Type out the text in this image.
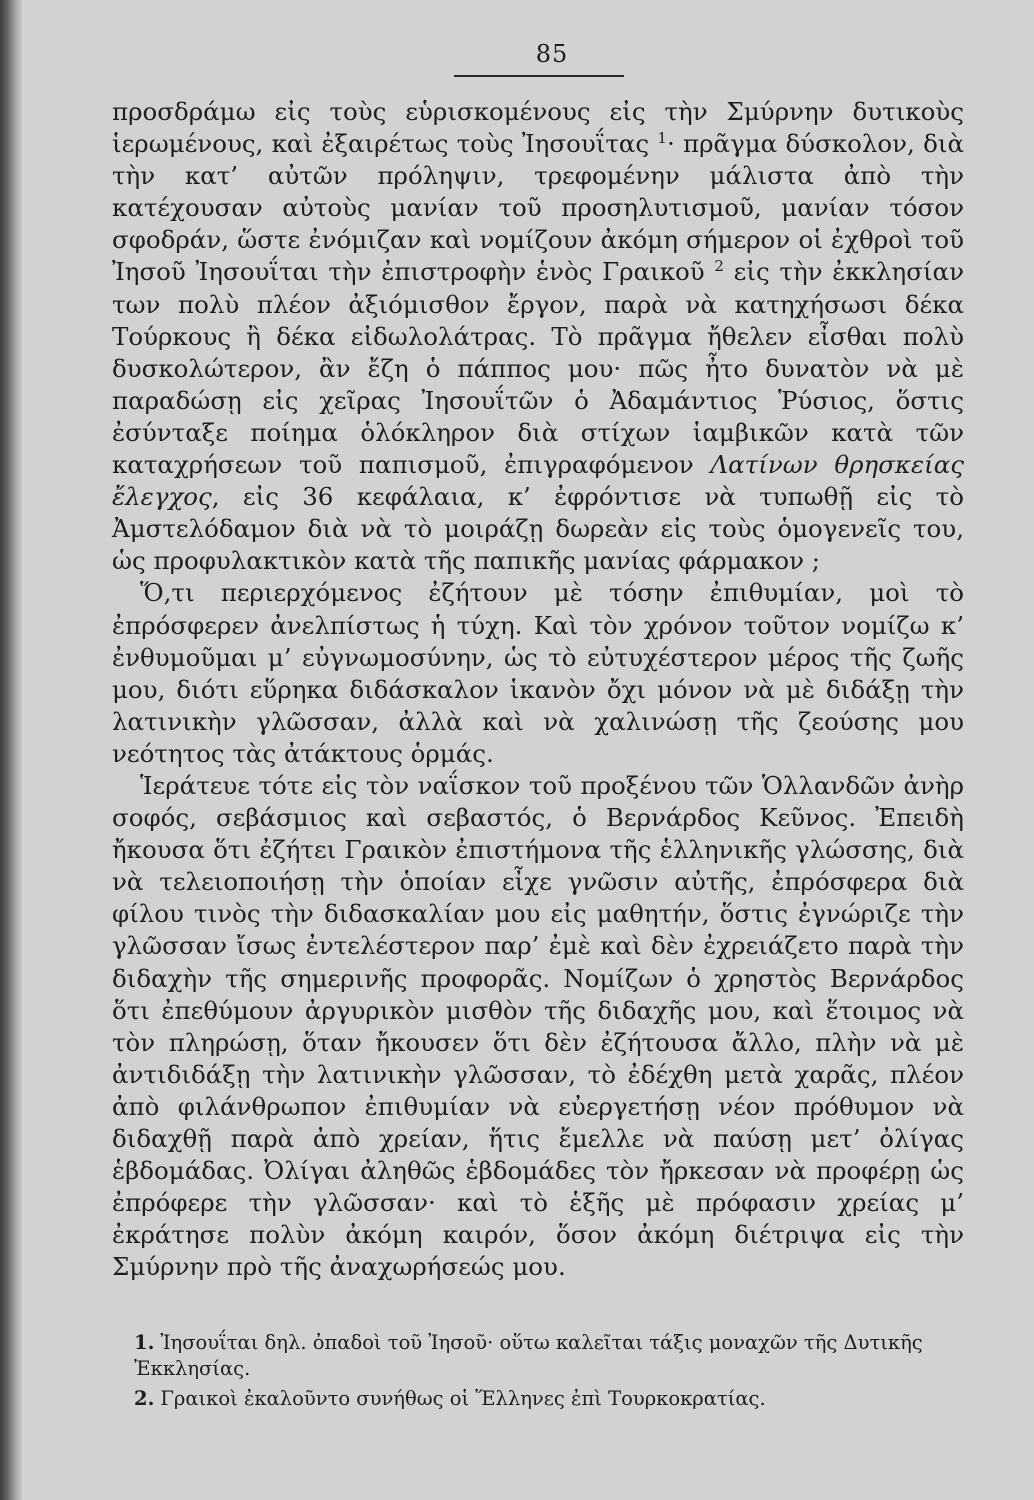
85

προσδράμω εἰς τοὺς εὑρισκομένους εἰς τὴν Σμύρνην δυτικοὺς ἱερωμένους, καὶ ἐξαιρέτως τοὺς Ἰησουΐτας $^1$· πρᾶγμα δύσκολον, διὰ τὴν κατ’ αὐτῶν πρόληψιν, τρεφομένην μάλιστα ἀπὸ τὴν κατέχουσαν αὐτοὺς μανίαν τοῦ προσηλυτισμοῦ, μανίαν τόσον σφοδράν, ὥστε ἐνόμιζαν καὶ νομίζουν ἀκόμη σήμερον οἱ ἐχθροὶ τοῦ Ἰησοῦ Ἰησουΐται τὴν ἐπιστροφὴν ἑνὸς Γραικοῦ $^2$ εἰς τὴν ἐκκλησίαν των πολὺ πλέον ἀξιόμισθον ἔργον, παρὰ νὰ κατηχήσωσι δέκα Τούρκους ἢ δέκα εἰδωλολάτρας. Τὸ πρᾶγμα ἤθελεν εἶσθαι πολὺ δυσκολώτερον, ἂν ἔζη ὁ πάππος μου· πῶς ἦτο δυνατὸν νὰ μὲ παραδώσῃ εἰς χεῖρας Ἰησουΐτῶν ὁ Ἀδαμάντιος Ῥύσιος, ὅστις ἐσύνταξε ποίημα ὁλόκληρον διὰ στίχων ἰαμβικῶν κατὰ τῶν καταχρήσεων τοῦ παπισμοῦ, ἐπιγραφόμενον Λατίνων θρησκείας ἔλεγχος, εἰς 36 κεφάλαια, κ’ ἐφρόντισε νὰ τυπωθῇ εἰς τὸ Ἀμστελόδαμον διὰ νὰ τὸ μοιράζῃ δωρεὰν εἰς τοὺς ὁμογενεῖς του, ὡς προφυλακτικὸν κατὰ τῆς παπικῆς μανίας φάρμακον ;

Ὅ,τι περιερχόμενος ἐζήτουν μὲ τόσην ἐπιθυμίαν, μοὶ τὸ ἐπρόσφερεν ἀνελπίστως ἡ τύχη. Καὶ τὸν χρόνον τοῦτον νομίζω κ’ ἐνθυμοῦμαι μ’ εὐγνωμοσύνην, ὡς τὸ εὐτυχέστερον μέρος τῆς ζωῆς μου, διότι εὕρηκα διδάσκαλον ἱκανὸν ὄχι μόνον νὰ μὲ διδάξῃ τὴν λατινικὴν γλῶσσαν, ἀλλὰ καὶ νὰ χαλινώσῃ τῆς ζεούσης μου νεότητος τὰς ἀτάκτους ὁρμάς.

Ἱεράτευε τότε εἰς τὸν ναΐσκον τοῦ προξένου τῶν Ὁλλανδῶν ἀνὴρ σοφός, σεβάσμιος καὶ σεβαστός, ὁ Βερνάρδος Κεῦνος. Ἐπειδὴ ἤκουσα ὅτι ἐζήτει Γραικὸν ἐπιστήμονα τῆς ἑλληνικῆς γλώσσης, διὰ νὰ τελειοποιήσῃ τὴν ὁποίαν εἶχε γνῶσιν αὐτῆς, ἐπρόσφερα διὰ φίλου τινὸς τὴν διδασκαλίαν μου εἰς μαθητήν, ὅστις ἐγνώριζε τὴν γλῶσσαν ἴσως ἐντελέστερον παρ’ ἐμὲ καὶ δὲν ἐχρειάζετο παρὰ τὴν διδαχὴν τῆς σημερινῆς προφορᾶς. Νομίζων ὁ χρηστὸς Βερνάρδος ὅτι ἐπεθύμουν ἀργυρικὸν μισθὸν τῆς διδαχῆς μου, καὶ ἕτοιμος νὰ τὸν πληρώσῃ, ὅταν ἤκουσεν ὅτι δὲν ἐζήτουσα ἄλλο, πλὴν νὰ μὲ ἀντιδιδάξῃ τὴν λατινικὴν γλῶσσαν, τὸ ἐδέχθη μετὰ χαρᾶς, πλέον ἀπὸ φιλάνθρωπον ἐπιθυμίαν νὰ εὐεργετήσῃ νέον πρόθυμον νὰ διδαχθῇ παρὰ ἀπὸ χρείαν, ἥτις ἔμελλε νὰ παύσῃ μετ’ ὀλίγας ἑβδομάδας. Ὀλίγαι ἀληθῶς ἑβδομάδες τὸν ἤρκεσαν νὰ προφέρῃ ὡς ἐπρόφερε τὴν γλῶσσαν· καὶ τὸ ἑξῆς μὲ πρόφασιν χρείας μ’ ἐκράτησε πολὺν ἀκόμη καιρόν, ὅσον ἀκόμη διέτριψα εἰς τὴν Σμύρνην πρὸ τῆς ἀναχωρήσεώς μου.

1. Ἰησουΐται δηλ. ὀπαδοὶ τοῦ Ἰησοῦ· οὕτω καλεῖται τάξις μοναχῶν τῆς Δυτικῆς Ἐκκλησίας.

2. Γραικοὶ ἐκαλοῦντο συνήθως οἱ Ἕλληνες ἐπὶ Τουρκοκρατίας.
